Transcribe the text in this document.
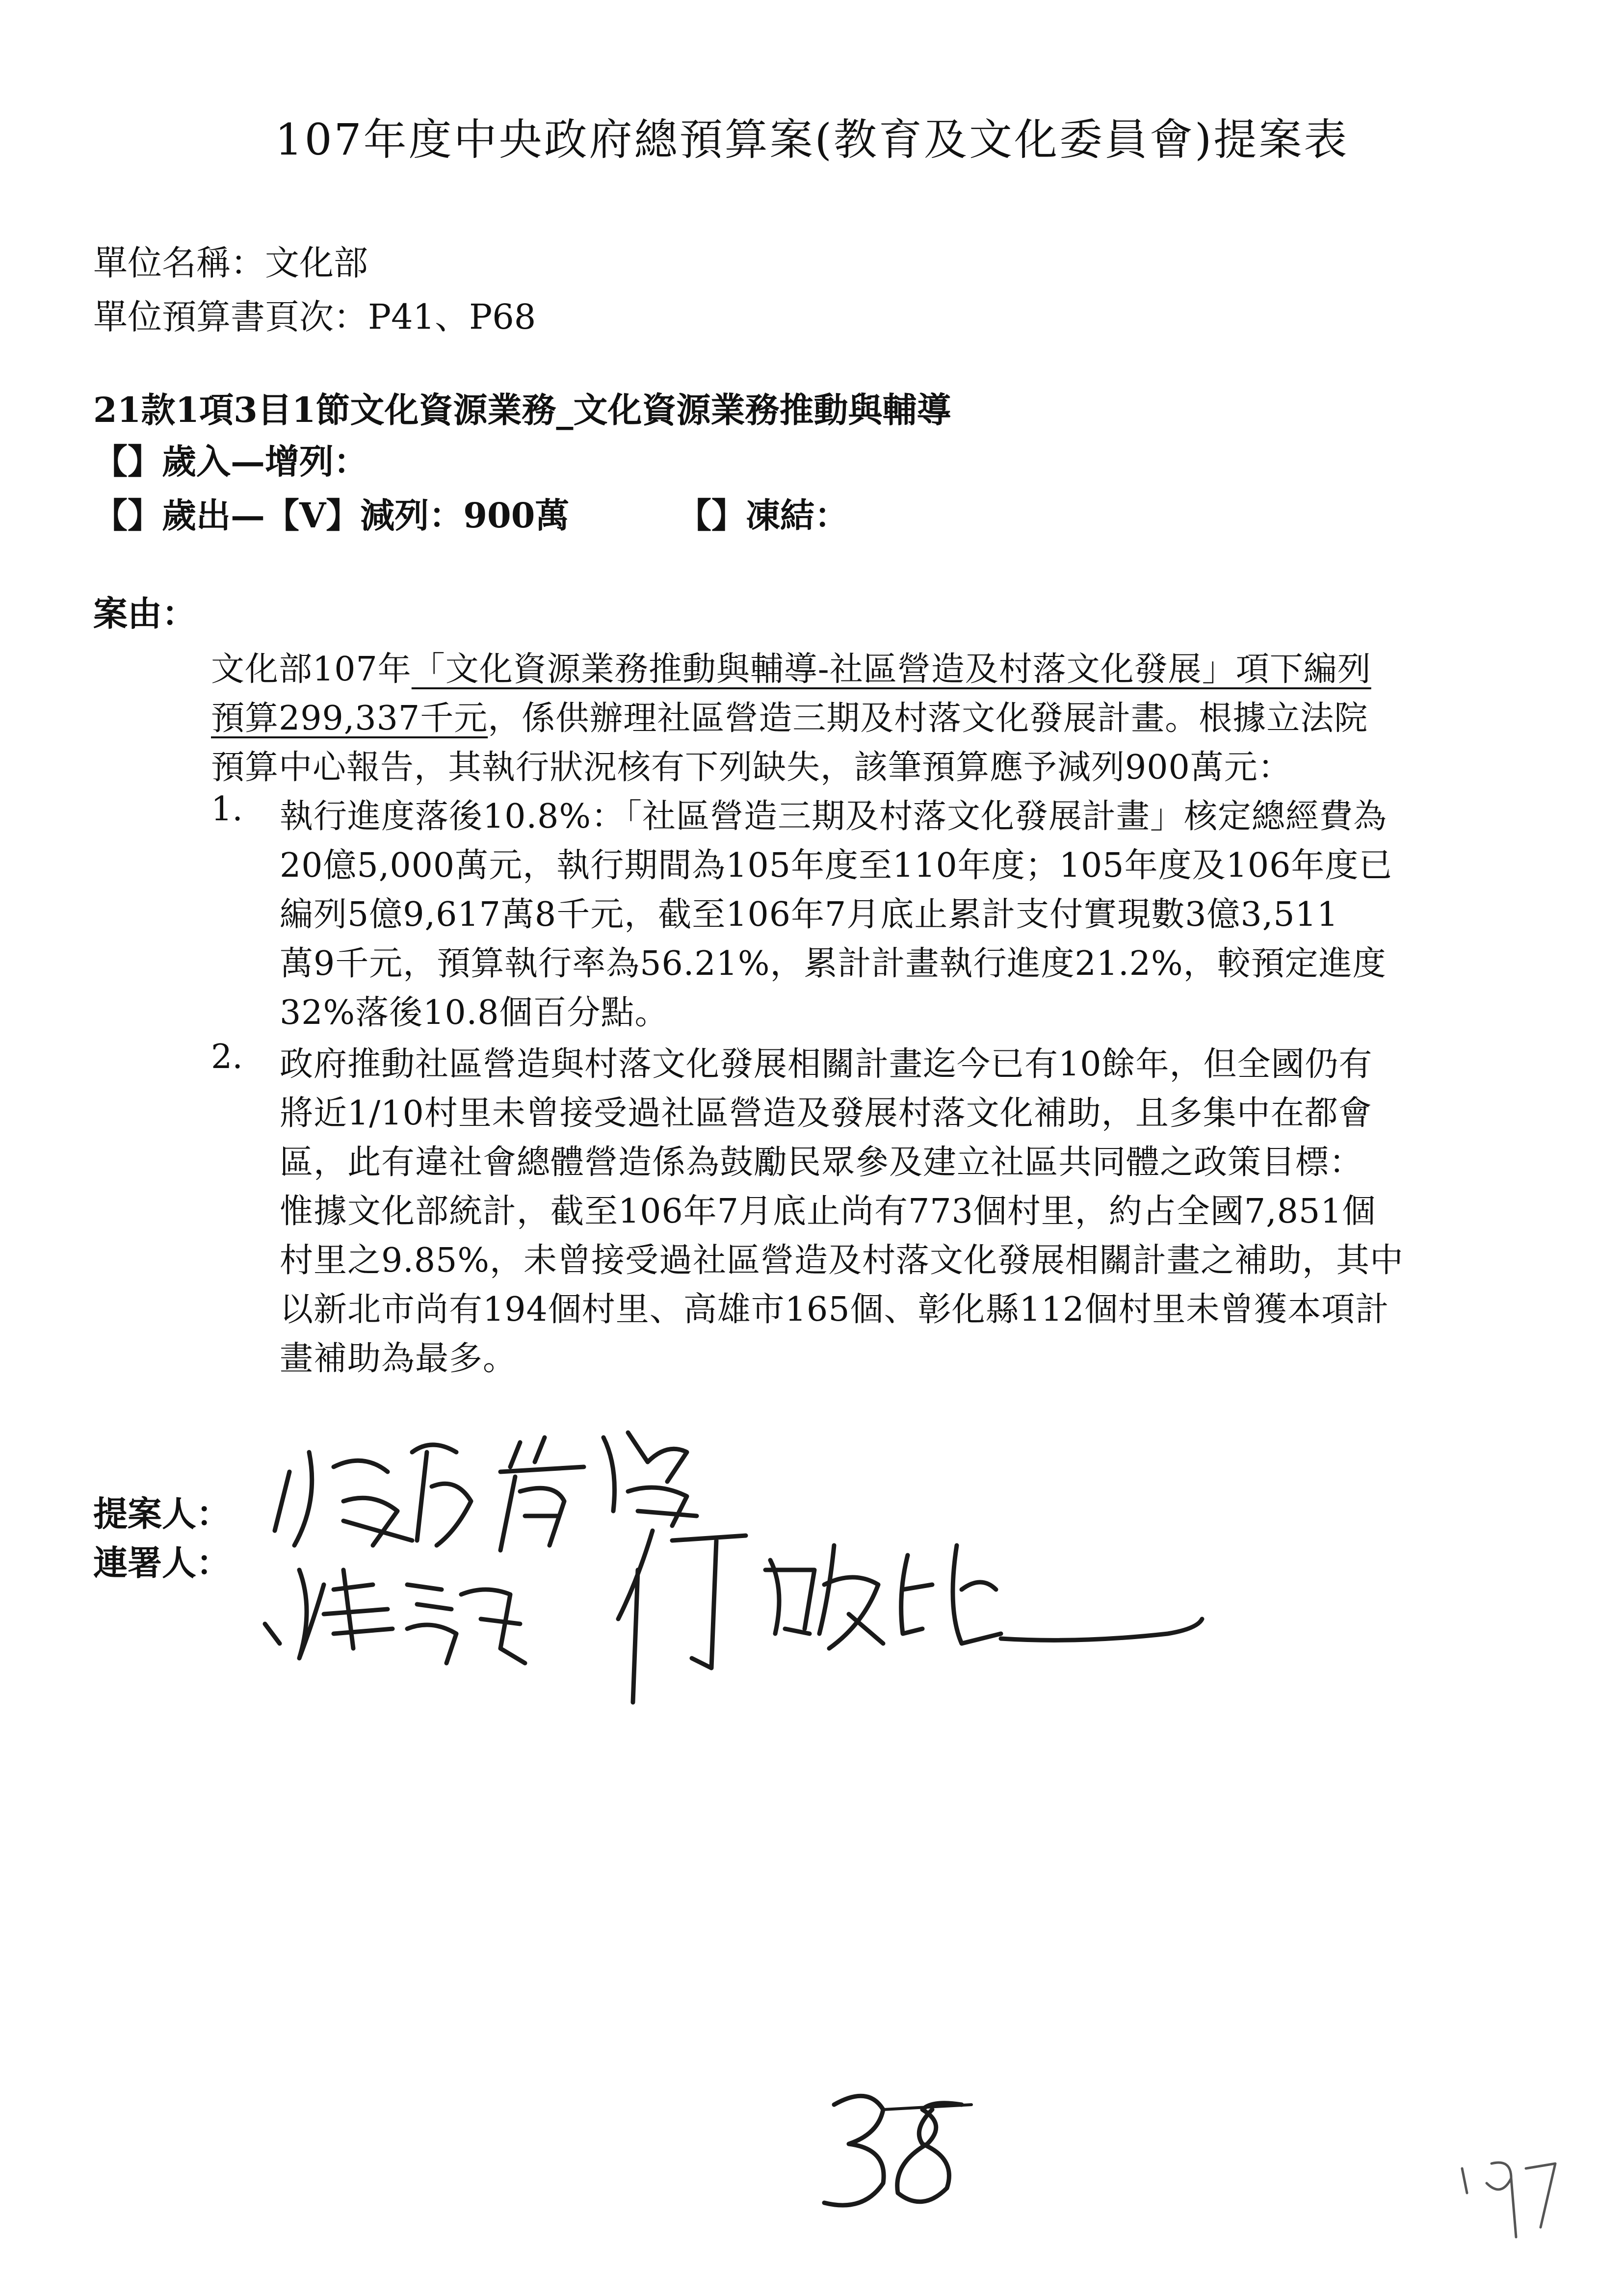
107年度中央政府總預算案(教育及文化委員會)提案表
單位名稱：文化部
單位預算書頁次：P41、P68
21款1項3目1節文化資源業務_文化資源業務推動與輔導
【】歲入—增列：
【】歲出—【V】減列：900萬	【】凍結：
案由：
文化部107年「文化資源業務推動與輔導-社區營造及村落文化發展」項下編列
預算299,337千元，係供辦理社區營造三期及村落文化發展計畫。根據立法院
預算中心報告，其執行狀況核有下列缺失，該筆預算應予減列900萬元：
1. 執行進度落後10.8%：「社區營造三期及村落文化發展計畫」核定總經費為
20億5,000萬元，執行期間為105年度至110年度；105年度及106年度已
編列5億9,617萬8千元，截至106年7月底止累計支付實現數3億3,511
萬9千元，預算執行率為56.21%，累計計畫執行進度21.2%，較預定進度
32%落後10.8個百分點。
2. 政府推動社區營造與村落文化發展相關計畫迄今已有10餘年，但全國仍有
將近1/10村里未曾接受過社區營造及發展村落文化補助，且多集中在都會
區，此有違社會總體營造係為鼓勵民眾參及建立社區共同體之政策目標：
惟據文化部統計，截至106年7月底止尚有773個村里，約占全國7,851個
村里之9.85%，未曾接受過社區營造及村落文化發展相關計畫之補助，其中
以新北市尚有194個村里、高雄市165個、彰化縣112個村里未曾獲本項計
畫補助為最多。
提案人：
連署人：
